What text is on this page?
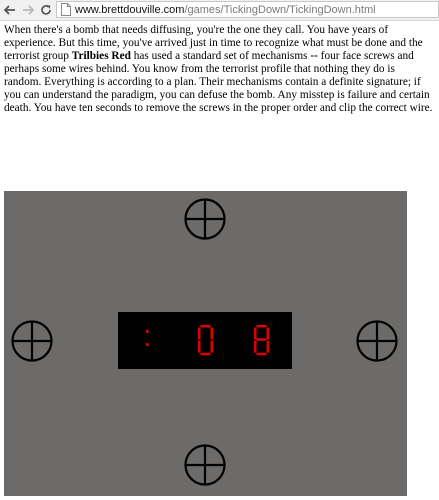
www.brettdouville.com/games/TickingDown/TickingDown.html

When there's a bomb that needs diffusing, you're the one they call. You have years of experience. But this time, you've arrived just in time to recognize what must be done and the terrorist group Trilbies Red has used a standard set of mechanisms -- four face screws and perhaps some wires behind. You know from the terrorist profile that nothing they do is random. Everything is according to a plan. Their mechanisms contain a definite signature; if you can understand the paradigm, you can defuse the bomb. Any misstep is failure and certain death. You have ten seconds to remove the screws in the proper order and clip the correct wire.
